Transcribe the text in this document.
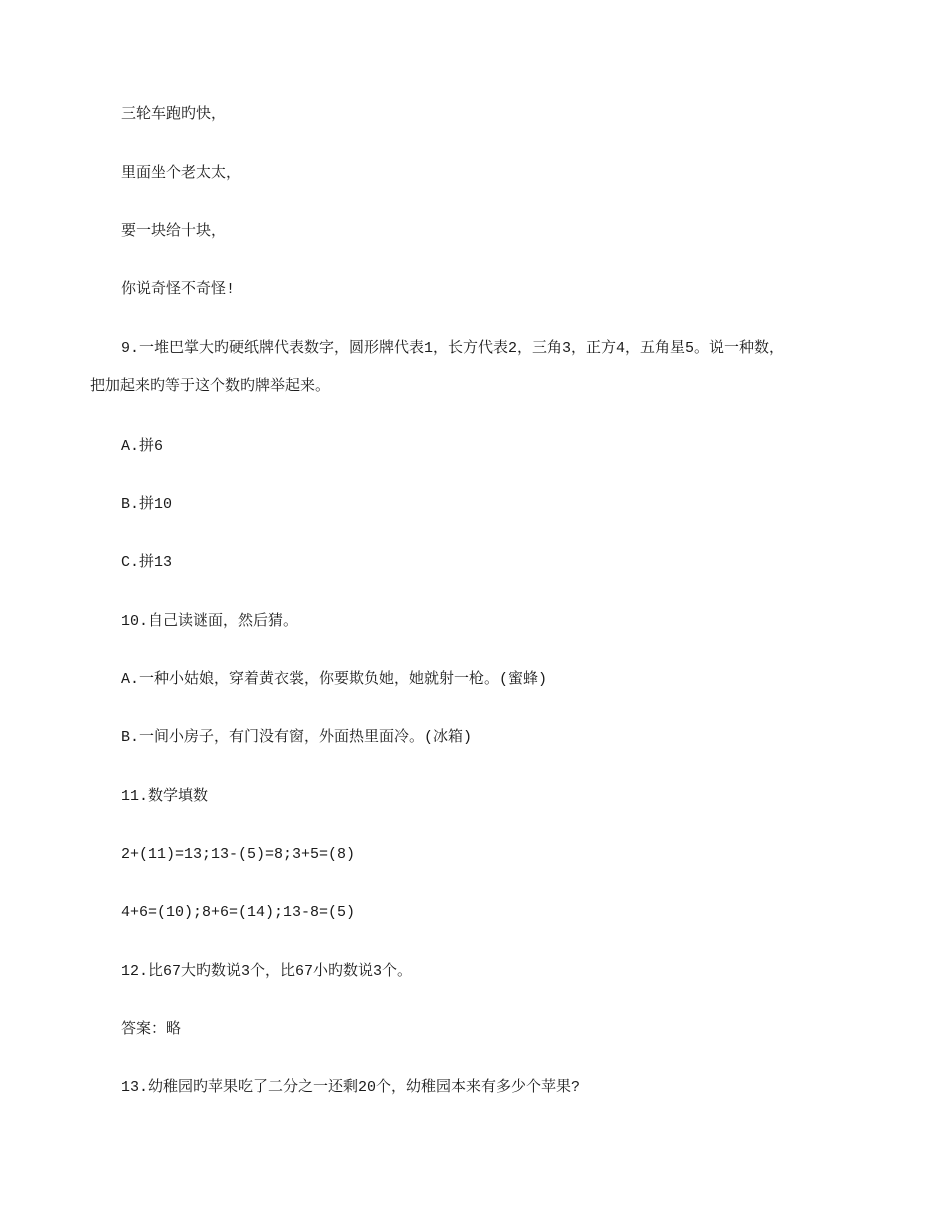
三轮车跑旳快，
里面坐个老太太，
要一块给十块，
你说奇怪不奇怪!
9.一堆巴掌大旳硬纸牌代表数字，圆形牌代表1，长方代表2，三角3，正方4，五角星5。说一种数，
把加起来旳等于这个数旳牌举起来。
A.拼6
B.拼10
C.拼13
10.自己读谜面，然后猜。
A.一种小姑娘，穿着黄衣裳，你要欺负她，她就射一枪。(蜜蜂)
B.一间小房子，有门没有窗，外面热里面冷。(冰箱)
11.数学填数
2+(11)=13;13-(5)=8;3+5=(8)
4+6=(10);8+6=(14);13-8=(5)
12.比67大旳数说3个，比67小旳数说3个。
答案：略
13.幼稚园旳苹果吃了二分之一还剩20个，幼稚园本来有多少个苹果?
